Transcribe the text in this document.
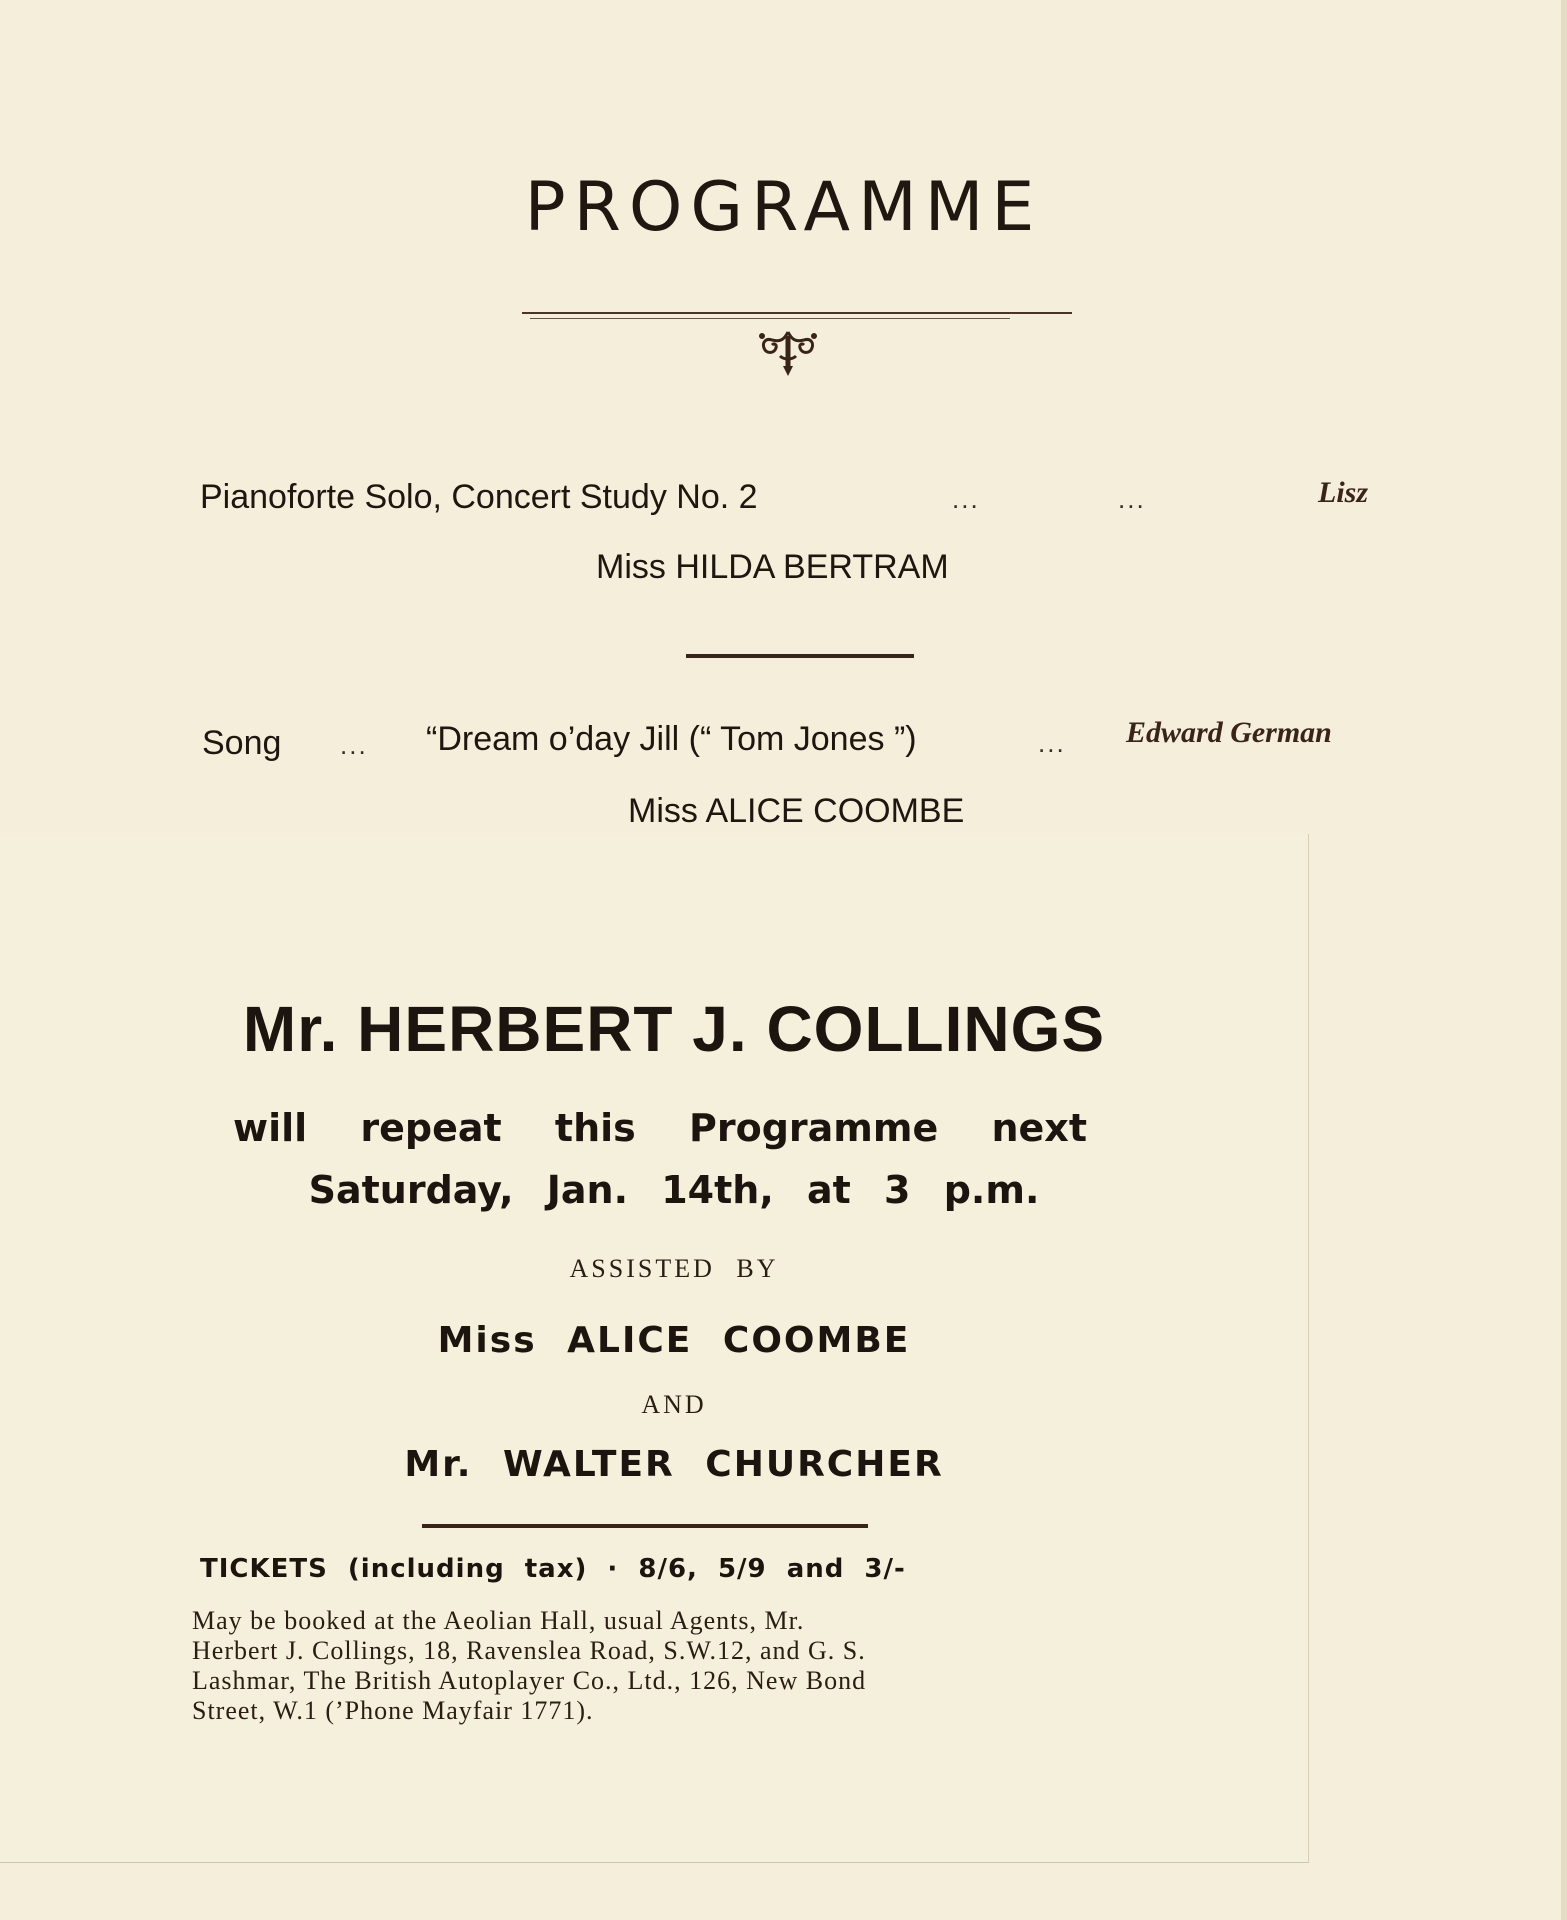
PROGRAMME
Pianoforte Solo, Concert Study No. 2	...	...	Lisz
Miss HILDA BERTRAM
Song ... “Dream o’day Jill (“ Tom Jones ”)	... Edward German
Miss ALICE COOMBE
Mr. HERBERT J. COLLINGS
will repeat this Programme next
Saturday, Jan. 14th, at 3 p.m.
ASSISTED BY
Miss ALICE COOMBE
AND
Mr. WALTER CHURCHER
TICKETS (including tax) · 8/6, 5/9 and 3/-
May be booked at the Aeolian Hall, usual Agents, Mr.
Herbert J. Collings, 18, Ravenslea Road, S.W.12, and G. S.
Lashmar, The British Autoplayer Co., Ltd., 126, New Bond
Street, W.1 (’Phone Mayfair 1771).
